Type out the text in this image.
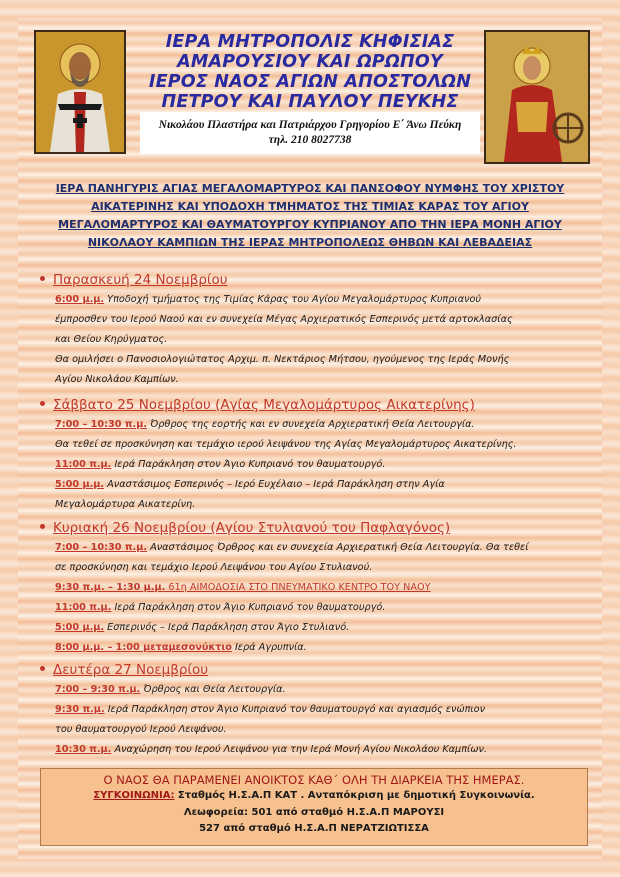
ΙΕΡΑ ΜΗΤΡΟΠΟΛΙΣ ΚΗΦΙΣΙΑΣ
ΑΜΑΡΟΥΣΙΟΥ ΚΑΙ ΩΡΩΠΟΥ
ΙΕΡΟΣ ΝΑΟΣ ΑΓΙΩΝ ΑΠΟΣΤΟΛΩΝ
ΠΕΤΡΟΥ ΚΑΙ ΠΑΥΛΟΥ ΠΕΥΚΗΣ
Νικολάου Πλαστήρα και Πατριάρχου Γρηγορίου Ε΄ Άνω Πεύκη
τηλ. 210 8027738
ΙΕΡΑ ΠΑΝΗΓΥΡΙΣ ΑΓΙΑΣ ΜΕΓΑΛΟΜΑΡΤΥΡΟΣ ΚΑΙ ΠΑΝΣΟΦΟΥ ΝΥΜΦΗΣ ΤΟΥ ΧΡΙΣΤΟΥ
ΑΙΚΑΤΕΡΙΝΗΣ ΚΑΙ ΥΠΟΔΟΧΗ ΤΜΗΜΑΤΟΣ ΤΗΣ ΤΙΜΙΑΣ ΚΑΡΑΣ ΤΟΥ ΑΓΙΟΥ
ΜΕΓΑΛΟΜΑΡΤΥΡΟΣ ΚΑΙ ΘΑΥΜΑΤΟΥΡΓΟΥ ΚΥΠΡΙΑΝΟΥ ΑΠΟ ΤΗΝ ΙΕΡΑ ΜΟΝΗ ΑΓΙΟΥ
ΝΙΚΟΛΑΟΥ ΚΑΜΠΙΩΝ ΤΗΣ ΙΕΡΑΣ ΜΗΤΡΟΠΟΛΕΩΣ ΘΗΒΩΝ ΚΑΙ ΛΕΒΑΔΕΙΑΣ
Παρασκευή 24 Νοεμβρίου
6:00 μ.μ. Υποδοχή τμήματος της Τιμίας Κάρας του Αγίου Μεγαλομάρτυρος Κυπριανού
έμπροσθεν του Ιερού Ναού και εν συνεχεία Μέγας Αρχιερατικός Εσπερινός μετά αρτοκλασίας
και Θείου Κηρύγματος.
Θα ομιλήσει ο Πανοσιολογιώτατος Αρχιμ. π. Νεκτάριος Μήτσου, ηγούμενος της Ιεράς Μονής
Αγίου Νικολάου Καμπίων.
Σάββατο 25 Νοεμβρίου (Αγίας Μεγαλομάρτυρος Αικατερίνης)
7:00 – 10:30 π.μ. Όρθρος της εορτής και εν συνεχεία Αρχιερατική Θεία Λειτουργία.
Θα τεθεί σε προσκύνηση και τεμάχιο ιερού λειψάνου της Αγίας Μεγαλομάρτυρος Αικατερίνης.
11:00 π.μ. Ιερά Παράκληση στον Άγιο Κυπριανό τον θαυματουργό.
5:00 μ.μ. Αναστάσιμος Εσπερινός – Ιερό Ευχέλαιο – Ιερά Παράκληση στην Αγία
Μεγαλομάρτυρα Αικατερίνη.
Κυριακή 26 Νοεμβρίου (Αγίου Στυλιανού του Παφλαγόνος)
7:00 – 10:30 π.μ. Αναστάσιμος Όρθρος και εν συνεχεία Αρχιερατική Θεία Λειτουργία. Θα τεθεί
σε προσκύνηση και τεμάχιο Ιερού Λειψάνου του Αγίου Στυλιανού.
9:30 π.μ. – 1:30 μ.μ. 61η ΑΙΜΟΔΟΣΙΑ ΣΤΟ ΠΝΕΥΜΑΤΙΚΟ ΚΕΝΤΡΟ ΤΟΥ ΝΑΟΥ
11:00 π.μ. Ιερά Παράκληση στον Άγιο Κυπριανό τον θαυματουργό.
5:00 μ.μ. Εσπερινός – Ιερά Παράκληση στον Άγιο Στυλιανό.
8:00 μ.μ. – 1:00 μεταμεσονύκτιο Ιερά Αγρυπνία.
Δευτέρα 27 Νοεμβρίου
7:00 – 9:30 π.μ. Όρθρος και Θεία Λειτουργία.
9:30 π.μ. Ιερά Παράκληση στον Άγιο Κυπριανό τον θαυματουργό και αγιασμός ενώπιον
του θαυματουργού Ιερού Λειψάνου.
10:30 π.μ. Αναχώρηση του Ιερού Λειψάνου για την Ιερά Μονή Αγίου Νικολάου Καμπίων.
Ο ΝΑΟΣ ΘΑ ΠΑΡΑΜΕΝΕΙ ΑΝΟΙΚΤΟΣ ΚΑΘ΄ ΟΛΗ ΤΗ ΔΙΑΡΚΕΙΑ ΤΗΣ ΗΜΕΡΑΣ.
ΣΥΓΚΟΙΝΩΝΙΑ: Σταθμός Η.Σ.Α.Π ΚΑΤ . Ανταπόκριση με δημοτική Συγκοινωνία.
Λεωφορεία: 501 από σταθμό Η.Σ.Α.Π ΜΑΡΟΥΣΙ
527 από σταθμό Η.Σ.Α.Π ΝΕΡΑΤΖΙΩΤΙΣΣΑ
